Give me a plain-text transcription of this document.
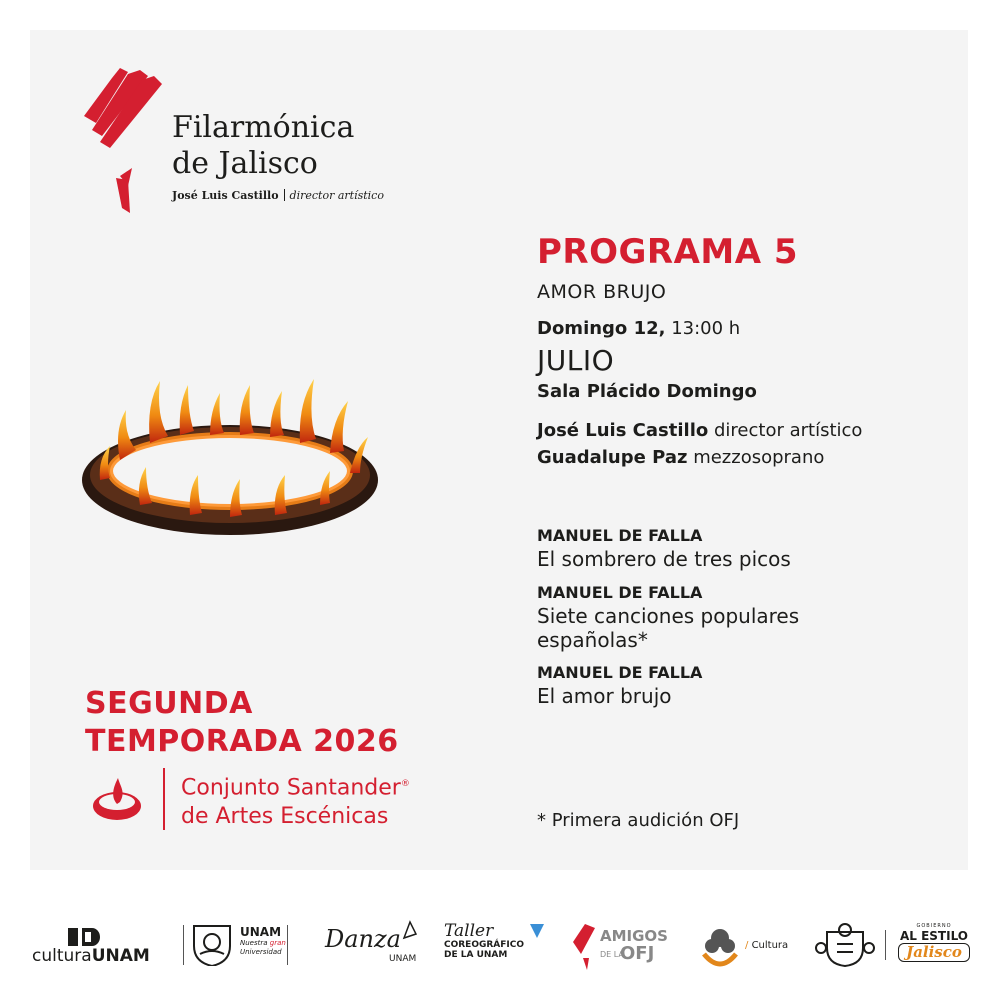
Filarmónica
de Jalisco
José Luis Castillo director artístico
PROGRAMA 5
AMOR BRUJO
Domingo 12, 13:00 h
JULIO
Sala Plácido Domingo
José Luis Castillo director artístico
Guadalupe Paz mezzosoprano
MANUEL DE FALLA
El sombrero de tres picos
MANUEL DE FALLA
Siete canciones populares
españolas*
MANUEL DE FALLA
El amor brujo
SEGUNDA
TEMPORADA 2026
Conjunto Santander®
de Artes Escénicas	* Primera audición OFJ
culturaUNAM
UNAM
Nuestra gran
Universidad Danza
UNAM
Taller
COREOGRÁFICO
DE LA UNAM
AMIGOS
DE LAOFJ	/ Cultura
GOBIERNO
AL ESTILO
Jalisco
